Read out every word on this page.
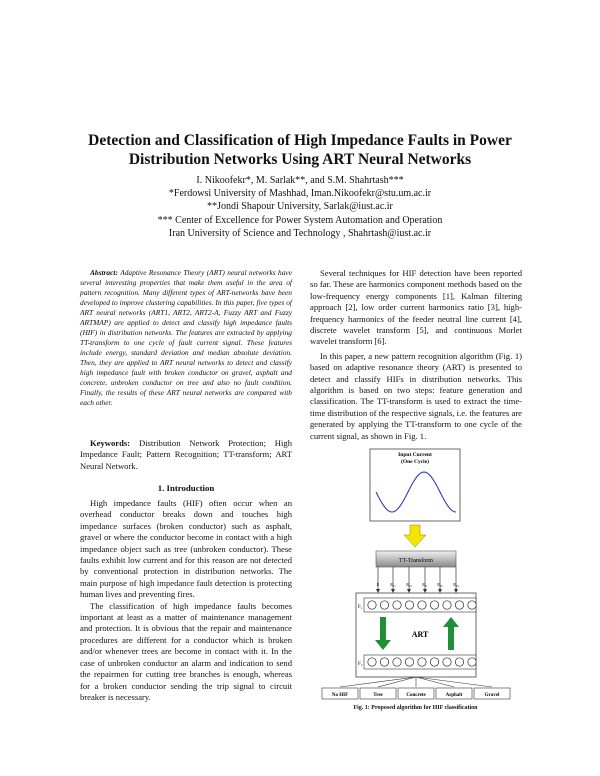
Detection and Classification of High Impedance Faults in Power
Distribution Networks Using ART Neural Networks
I. Nikoofekr*, M. Sarlak**, and S.M. Shahrtash***
*Ferdowsi University of Mashhad, Iman.Nikoofekr@stu.um.ac.ir
**Jondi Shapour University, Sarlak@iust.ac.ir
*** Center of Excellence for Power System Automation and Operation
Iran University of Science and Technology , Shahrtash@iust.ac.ir
Abstract: Adaptive Resonance Theory (ART) neural networks have several interesting properties that make them useful in the area of pattern recognition. Many different types of ART-networks have been developed to improve clustering capabilities. In this paper, five types of ART neural networks (ART1, ART2, ART2-A, Fuzzy ART and Fuzzy ARTMAP) are applied to detect and classify high impedance faults (HIF) in distribution networks. The features are extracted by applying TT-transform to one cycle of fault current signal. These features include energy, standard deviation and median absolute deviation. Then, they are applied to ART neural networks to detect and classify high impedance fault with broken conductor on gravel, asphalt and concrete, unbroken conductor on tree and also no fault condition. Finally, the results of these ART neural networks are compared with each other.
Keywords: Distribution Network Protection; High Impedance Fault; Pattern Recognition; TT-transform; ART Neural Network.
1. Introduction

High impedance faults (HIF) often occur when an overhead conductor breaks down and touches high impedance surfaces (broken conductor) such as asphalt, gravel or where the conductor become in contact with a high impedance object such as tree (unbroken conductor). These faults exhibit low current and for this reason are not detected by conventional protection in distribution networks. The main purpose of high impedance fault detection is protecting human lives and preventing fires.

The classification of high impedance faults becomes important at least as a matter of maintenance management and protection. It is obvious that the repair and maintenance procedures are different for a conductor which is broken and/or whenever trees are become in contact with it. In the case of unbroken conductor an alarm and indication to send the repairmen for cutting tree branches is enough, whereas for a broken conductor sending the trip signal to circuit breaker is necessary.

Several techniques for HIF detection have been reported so far. These are harmonics component methods based on the low-frequency energy components [1], Kalman filtering approach [2], low order current harmonics ratio [3], high-frequency harmonics of the feeder neutral line current [4], discrete wavelet transform [5], and continuous Morlet wavelet transform [6].

In this paper, a new pattern recognition algorithm (Fig. 1) based on adaptive resonance theory (ART) is presented to detect and classify HIFs in distribution networks. This algorithm is based on two steps: feature generation and classification. The TT-transform is used to extract the time-time distribution of the respective signals, i.e. the features are generated by applying the TT-transform to one cycle of the current signal, as shown in Fig. 1.

Input Current
(One Cycle)
TT-Transform
E Eₓ₁ Eₓ₂ Eᵧ₁ Eᵧ₂ Eᵧ₃
F₁
F₂
ART
No HIF	Tree	Concrete	Asphalt	Gravel
Fig. 1: Proposed algorithm for HIF classification
